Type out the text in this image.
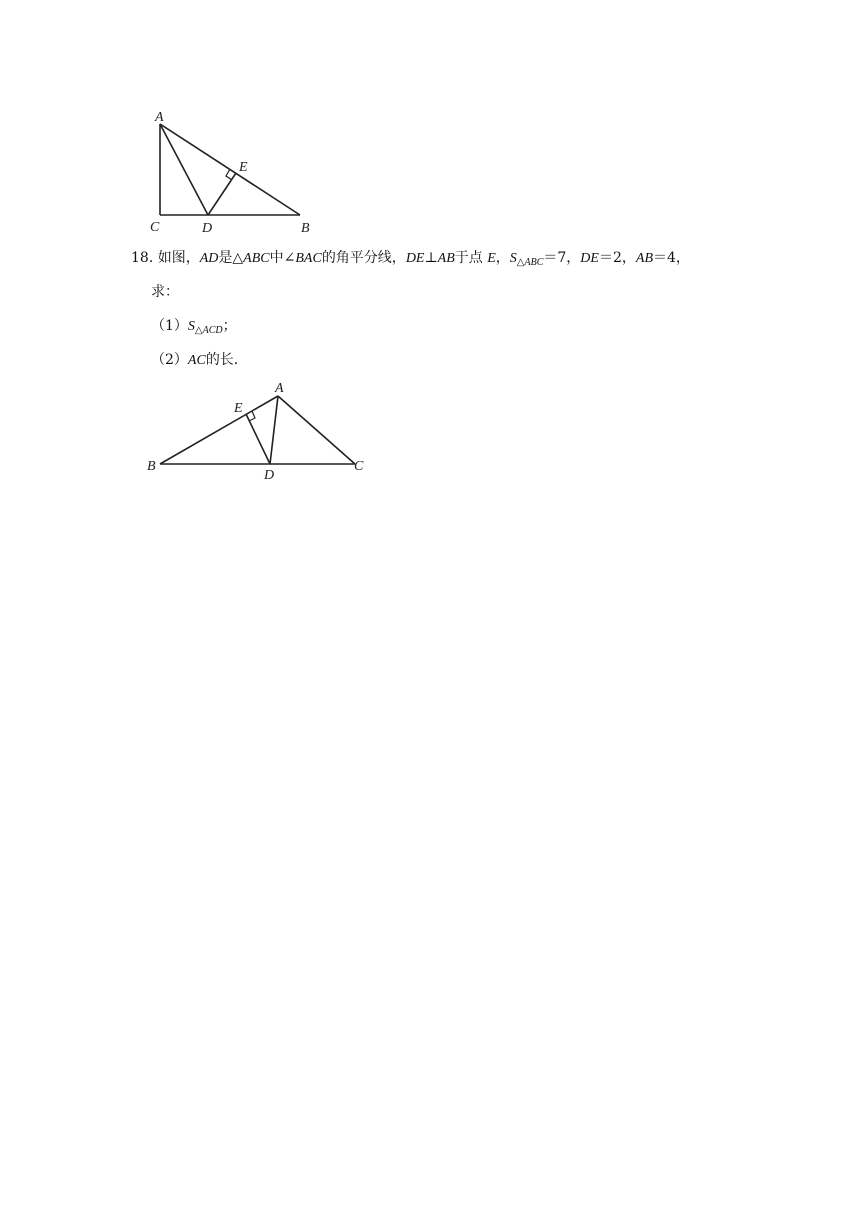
A
C	D	B
E
18. 如图，AD是△ABC中∠BAC的角平分线，DE⊥AB于点 E，$S_{\triangle ABC}=7$，DE＝2，AB＝4，
求：
$(1)S_{\triangle ACD}$；
（2）AC的长．
A
E
B
D
C
